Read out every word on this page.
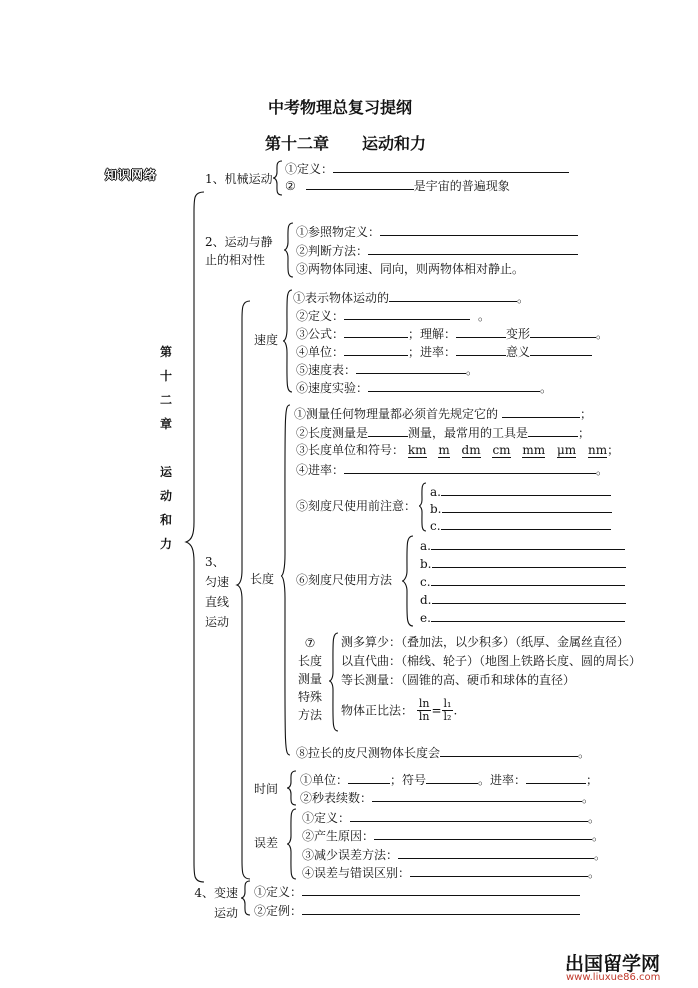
中考物理总复习提纲
第十二章 运动和力
知识网络
第
十
二
章
运
动
和
力
1、机械运动
①定义：
②	是宇宙的普遍现象
2、运动与静
止的相对性
①参照物定义：
②判断方法：
③两物体同速、同向，则两物体相对静止。
3、
匀速
直线
运动
速度
①表示物体运动的	。
②定义：	。
③公式：	；理解：	变形	。
④单位：	；进率：	意义
⑤速度表：	。
⑥速度实验：	。
长度
①测量任何物理量都必须首先规定它的	；
②长度测量是	测量，最常用的工具是	；
③长度单位和符号： km m dm cm mm μm nm；
④进率：	。
⑤刻度尺使用前注意：
a.
b.
c.
⑥刻度尺使用方法
a.
b.
c.
d.
e.
⑦
长度
测量
特殊
方法
测多算少：（叠加法，以少积多）（纸厚、金属丝直径）
以直代曲：（棉线、轮子）（地图上铁路长度、圆的周长）
等长测量：（圆锥的高、硬币和球体的直径）
物体正比法： $\frac{\ln}{\ln} = \frac{\text{l₁}}{\text{l₂}}$ .
⑧拉长的皮尺测物体长度会	。
时间
①单位：	；符号	。进率：	；
②秒表续数：	。
误差
①定义：	。
②产生原因：	。
③减少误差方法：	。
④误差与错误区别：	。
4、变速
运动
①定义：
②定例：
出国留学网
www.liuxue86.com
